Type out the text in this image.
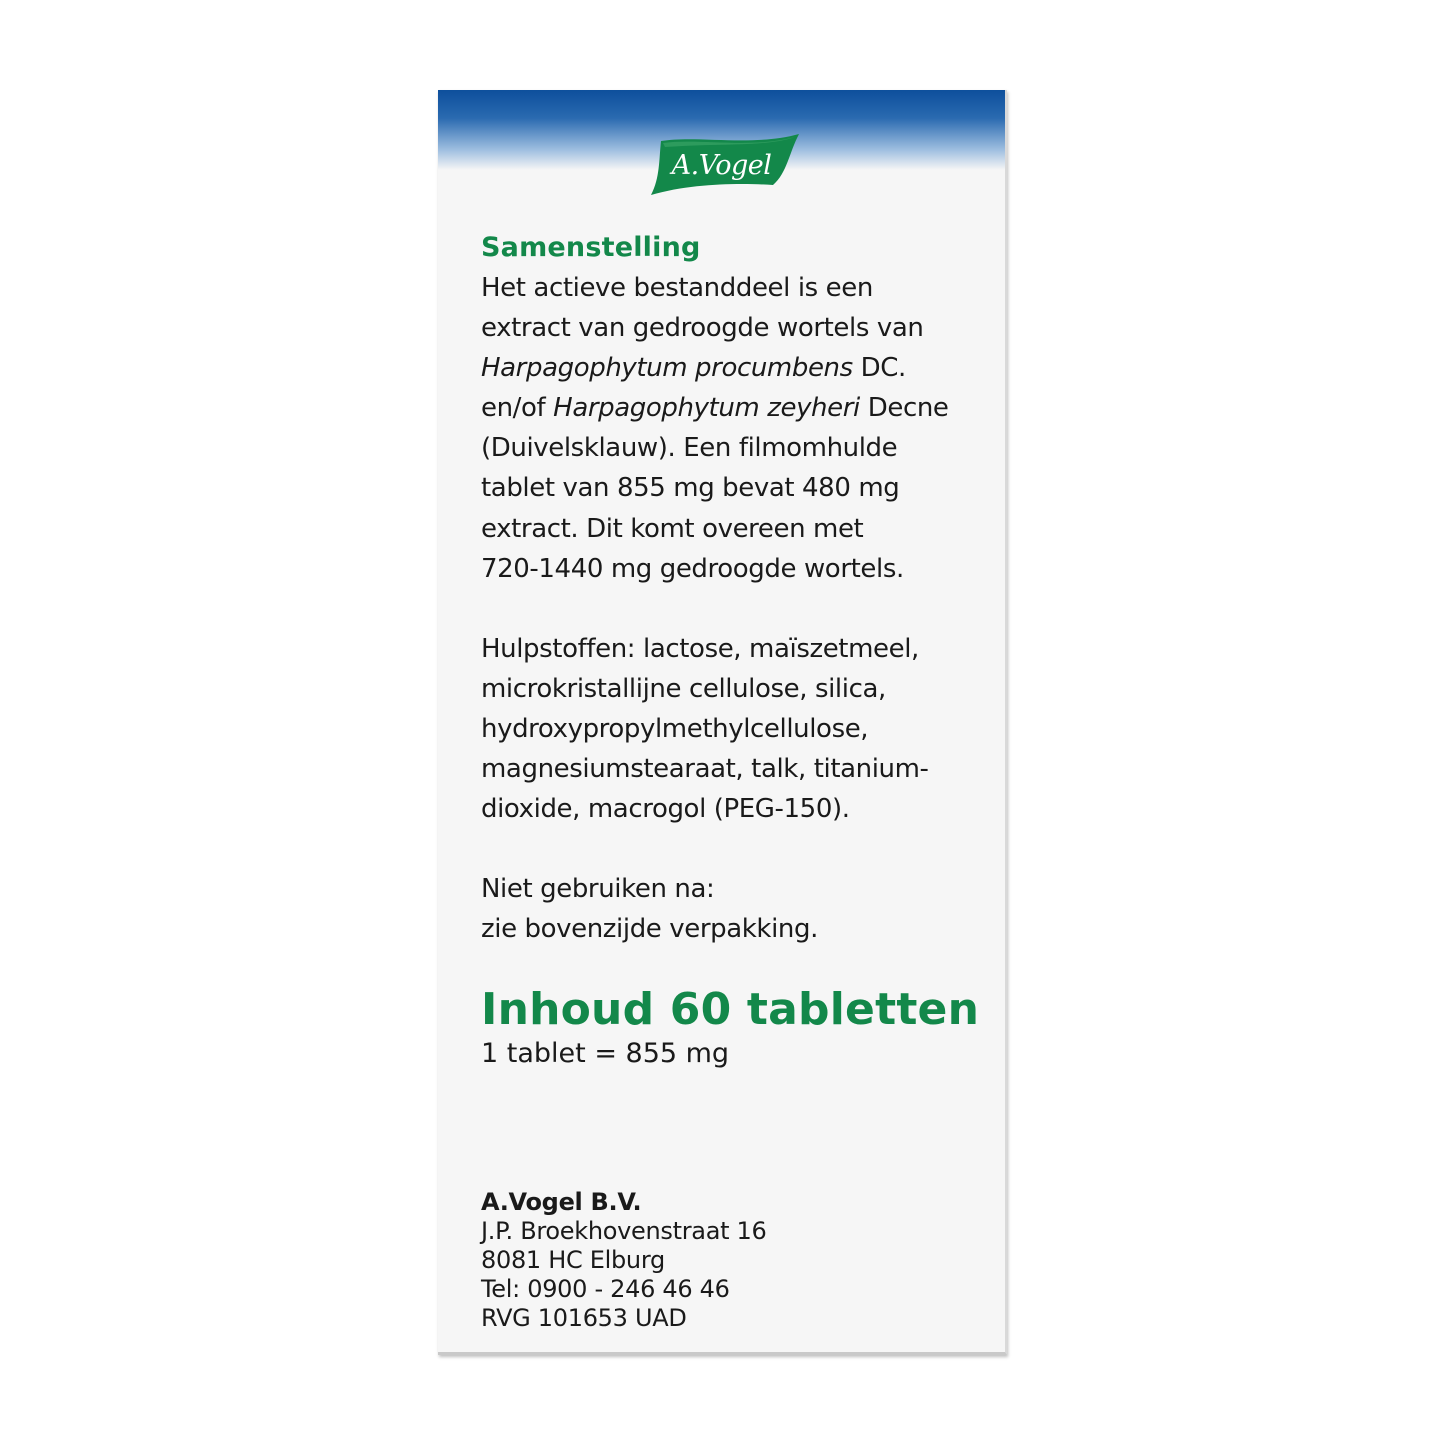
A.Vogel
Samenstelling
Het actieve bestanddeel is een
extract van gedroogde wortels van
Harpagophytum procumbens DC.
en/of Harpagophytum zeyheri Decne
(Duivelsklauw). Een filmomhulde
tablet van 855 mg bevat 480 mg
extract. Dit komt overeen met
720-1440 mg gedroogde wortels.
Hulpstoffen: lactose, maïszetmeel,
microkristallijne cellulose, silica,
hydroxypropylmethylcellulose,
magnesiumstearaat, talk, titanium-
dioxide, macrogol (PEG-150).
Niet gebruiken na:
zie bovenzijde verpakking.
Inhoud 60 tabletten
1 tablet = 855 mg
A.Vogel B.V.
J.P. Broekhovenstraat 16
8081 HC Elburg
Tel: 0900 - 246 46 46
RVG 101653 UAD
